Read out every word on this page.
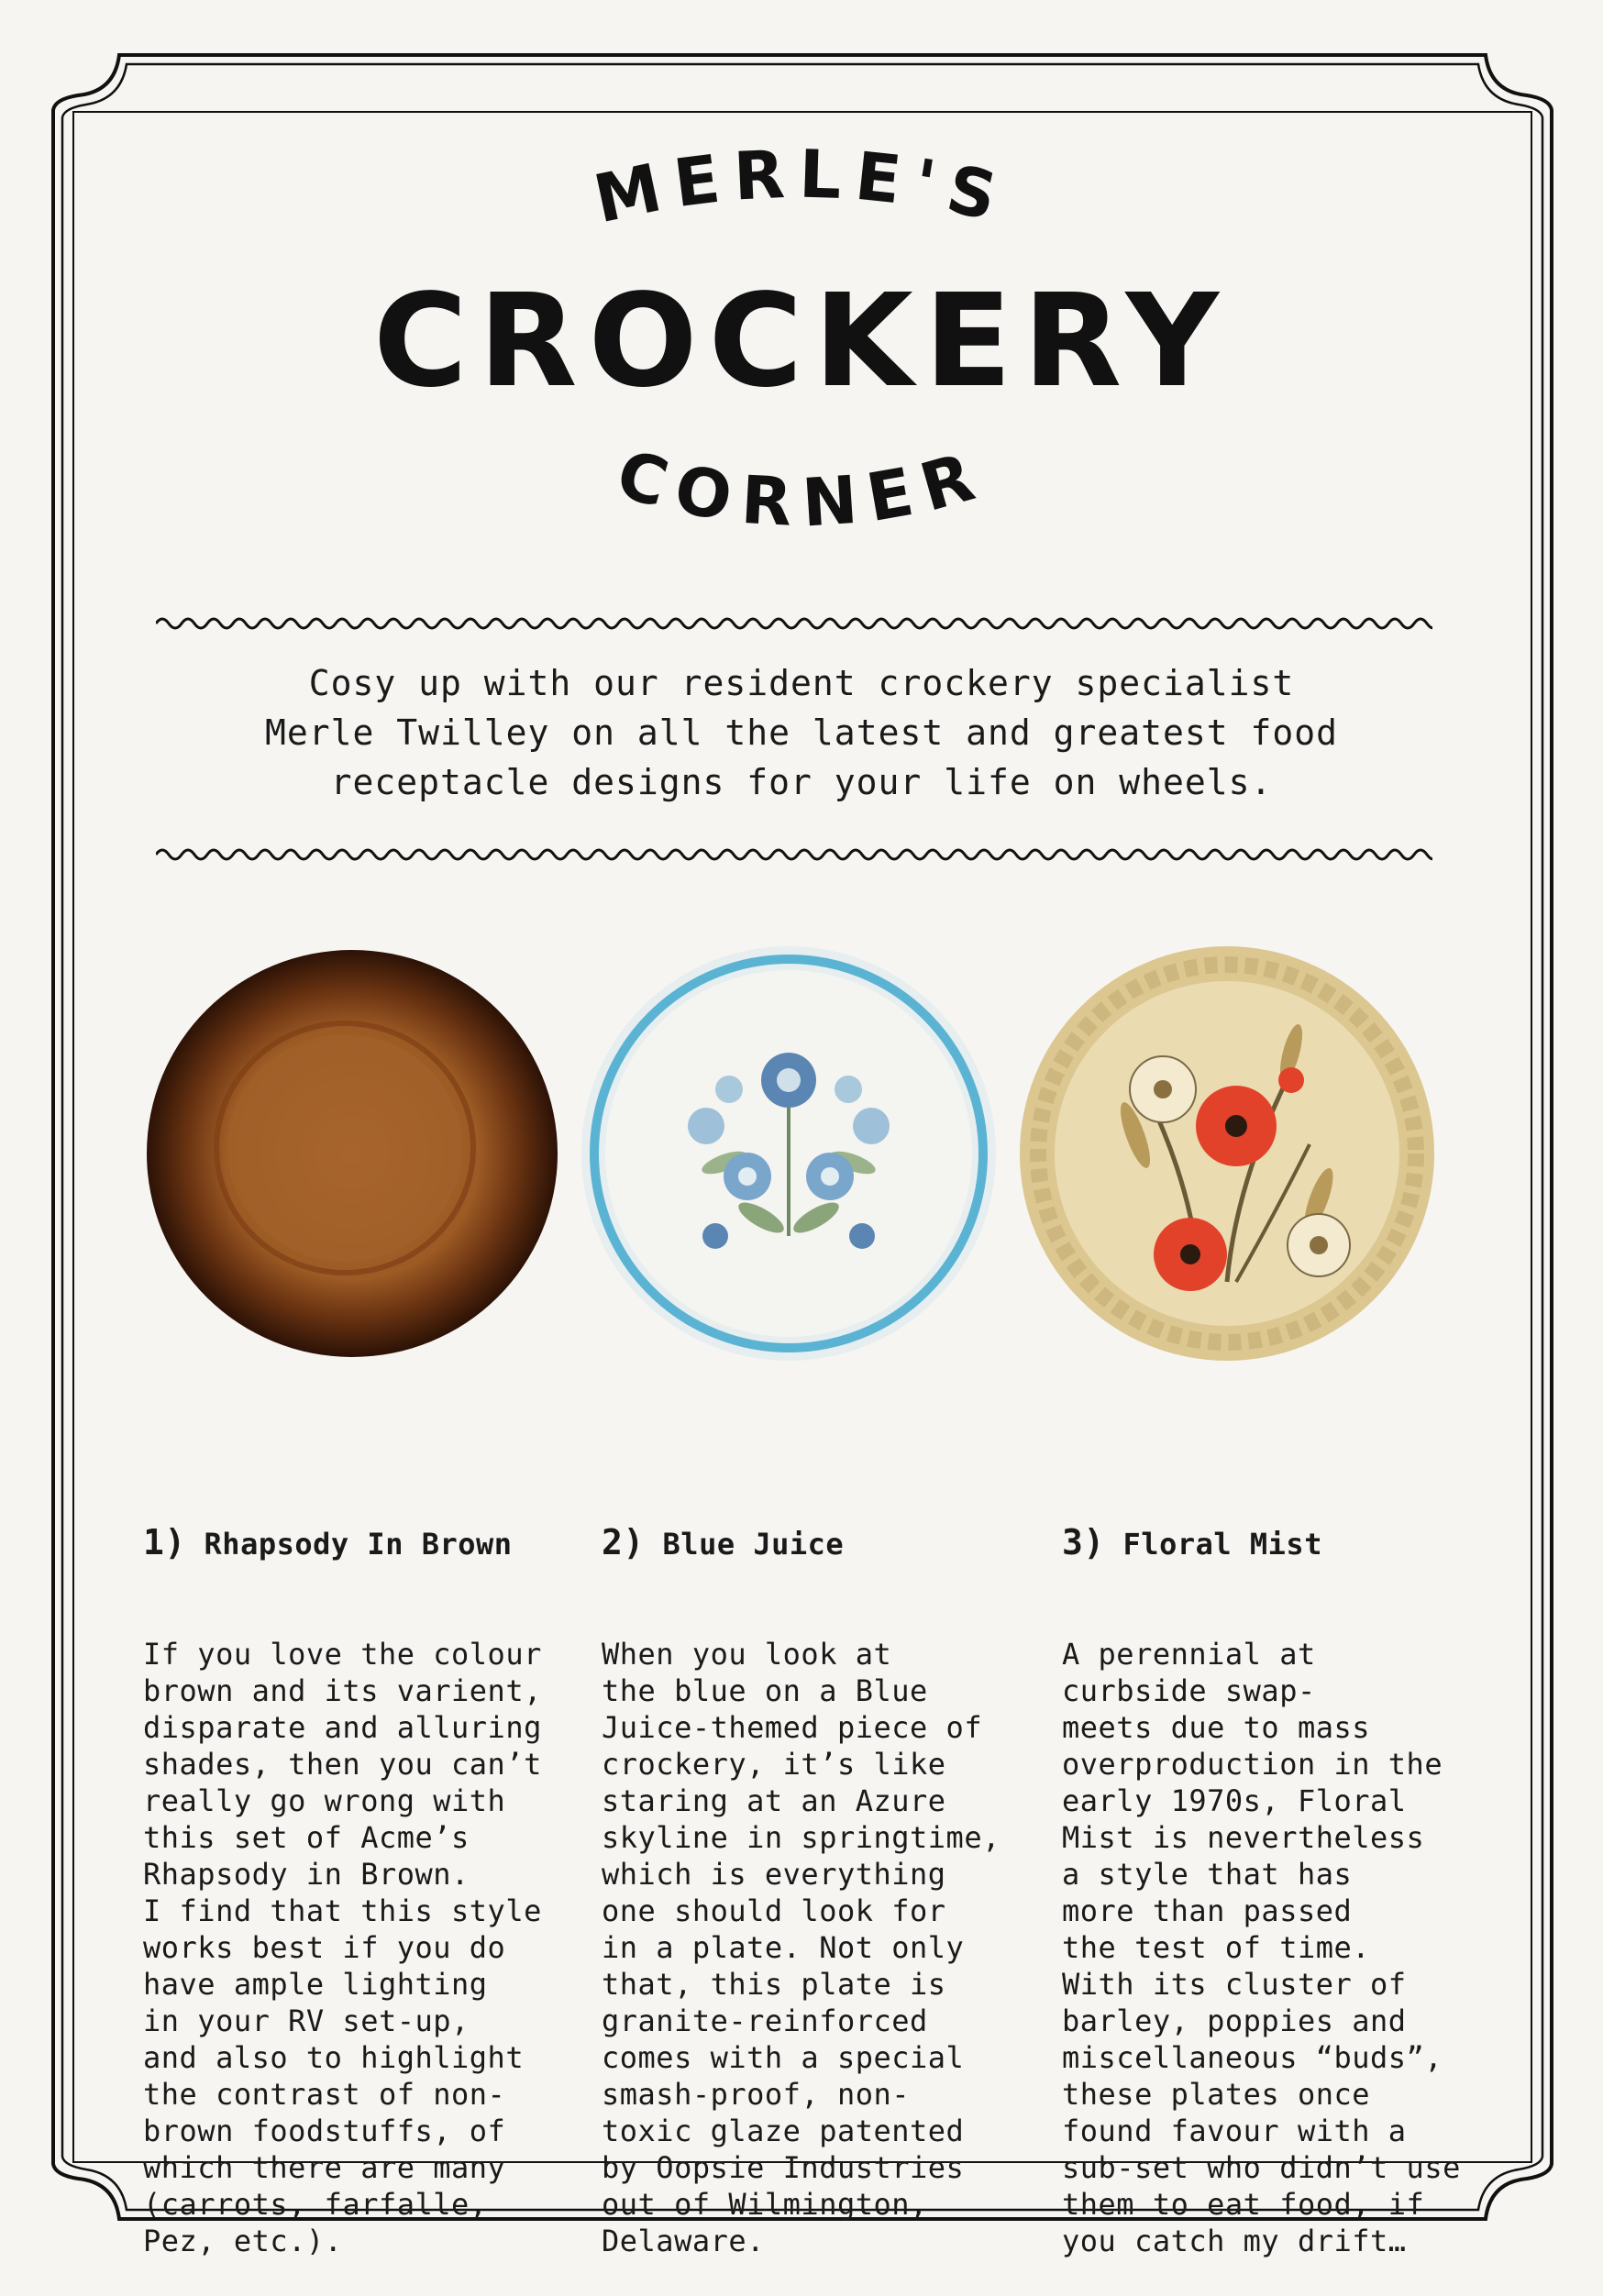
MERLE'S
CROCKERY
CORNER

Cosy up with our resident crockery specialist

Merle Twilley on all the latest and greatest food

receptacle designs for your life on wheels.

1) Rhapsody In Brown

If you love the colour
brown and its varient,
disparate and alluring
shades, then you can’t
really go wrong with
this set of Acme’s
Rhapsody in Brown.
I find that this style
works best if you do
have ample lighting
in your RV set-up,
and also to highlight
the contrast of non-
brown foodstuffs, of
which there are many
(carrots, farfalle,
Pez, etc.).

2) Blue Juice

When you look at
the blue on a Blue
Juice-themed piece of
crockery, it’s like
staring at an Azure
skyline in springtime,
which is everything
one should look for
in a plate. Not only
that, this plate is
granite-reinforced
comes with a special
smash-proof, non-
toxic glaze patented
by Oopsie Industries
out of Wilmington,
Delaware.

3) Floral Mist

A perennial at
curbside swap-
meets due to mass
overproduction in the
early 1970s, Floral
Mist is nevertheless
a style that has
more than passed
the test of time.
With its cluster of
barley, poppies and
miscellaneous “buds”,
these plates once
found favour with a
sub-set who didn’t use
them to eat food, if
you catch my drift…
